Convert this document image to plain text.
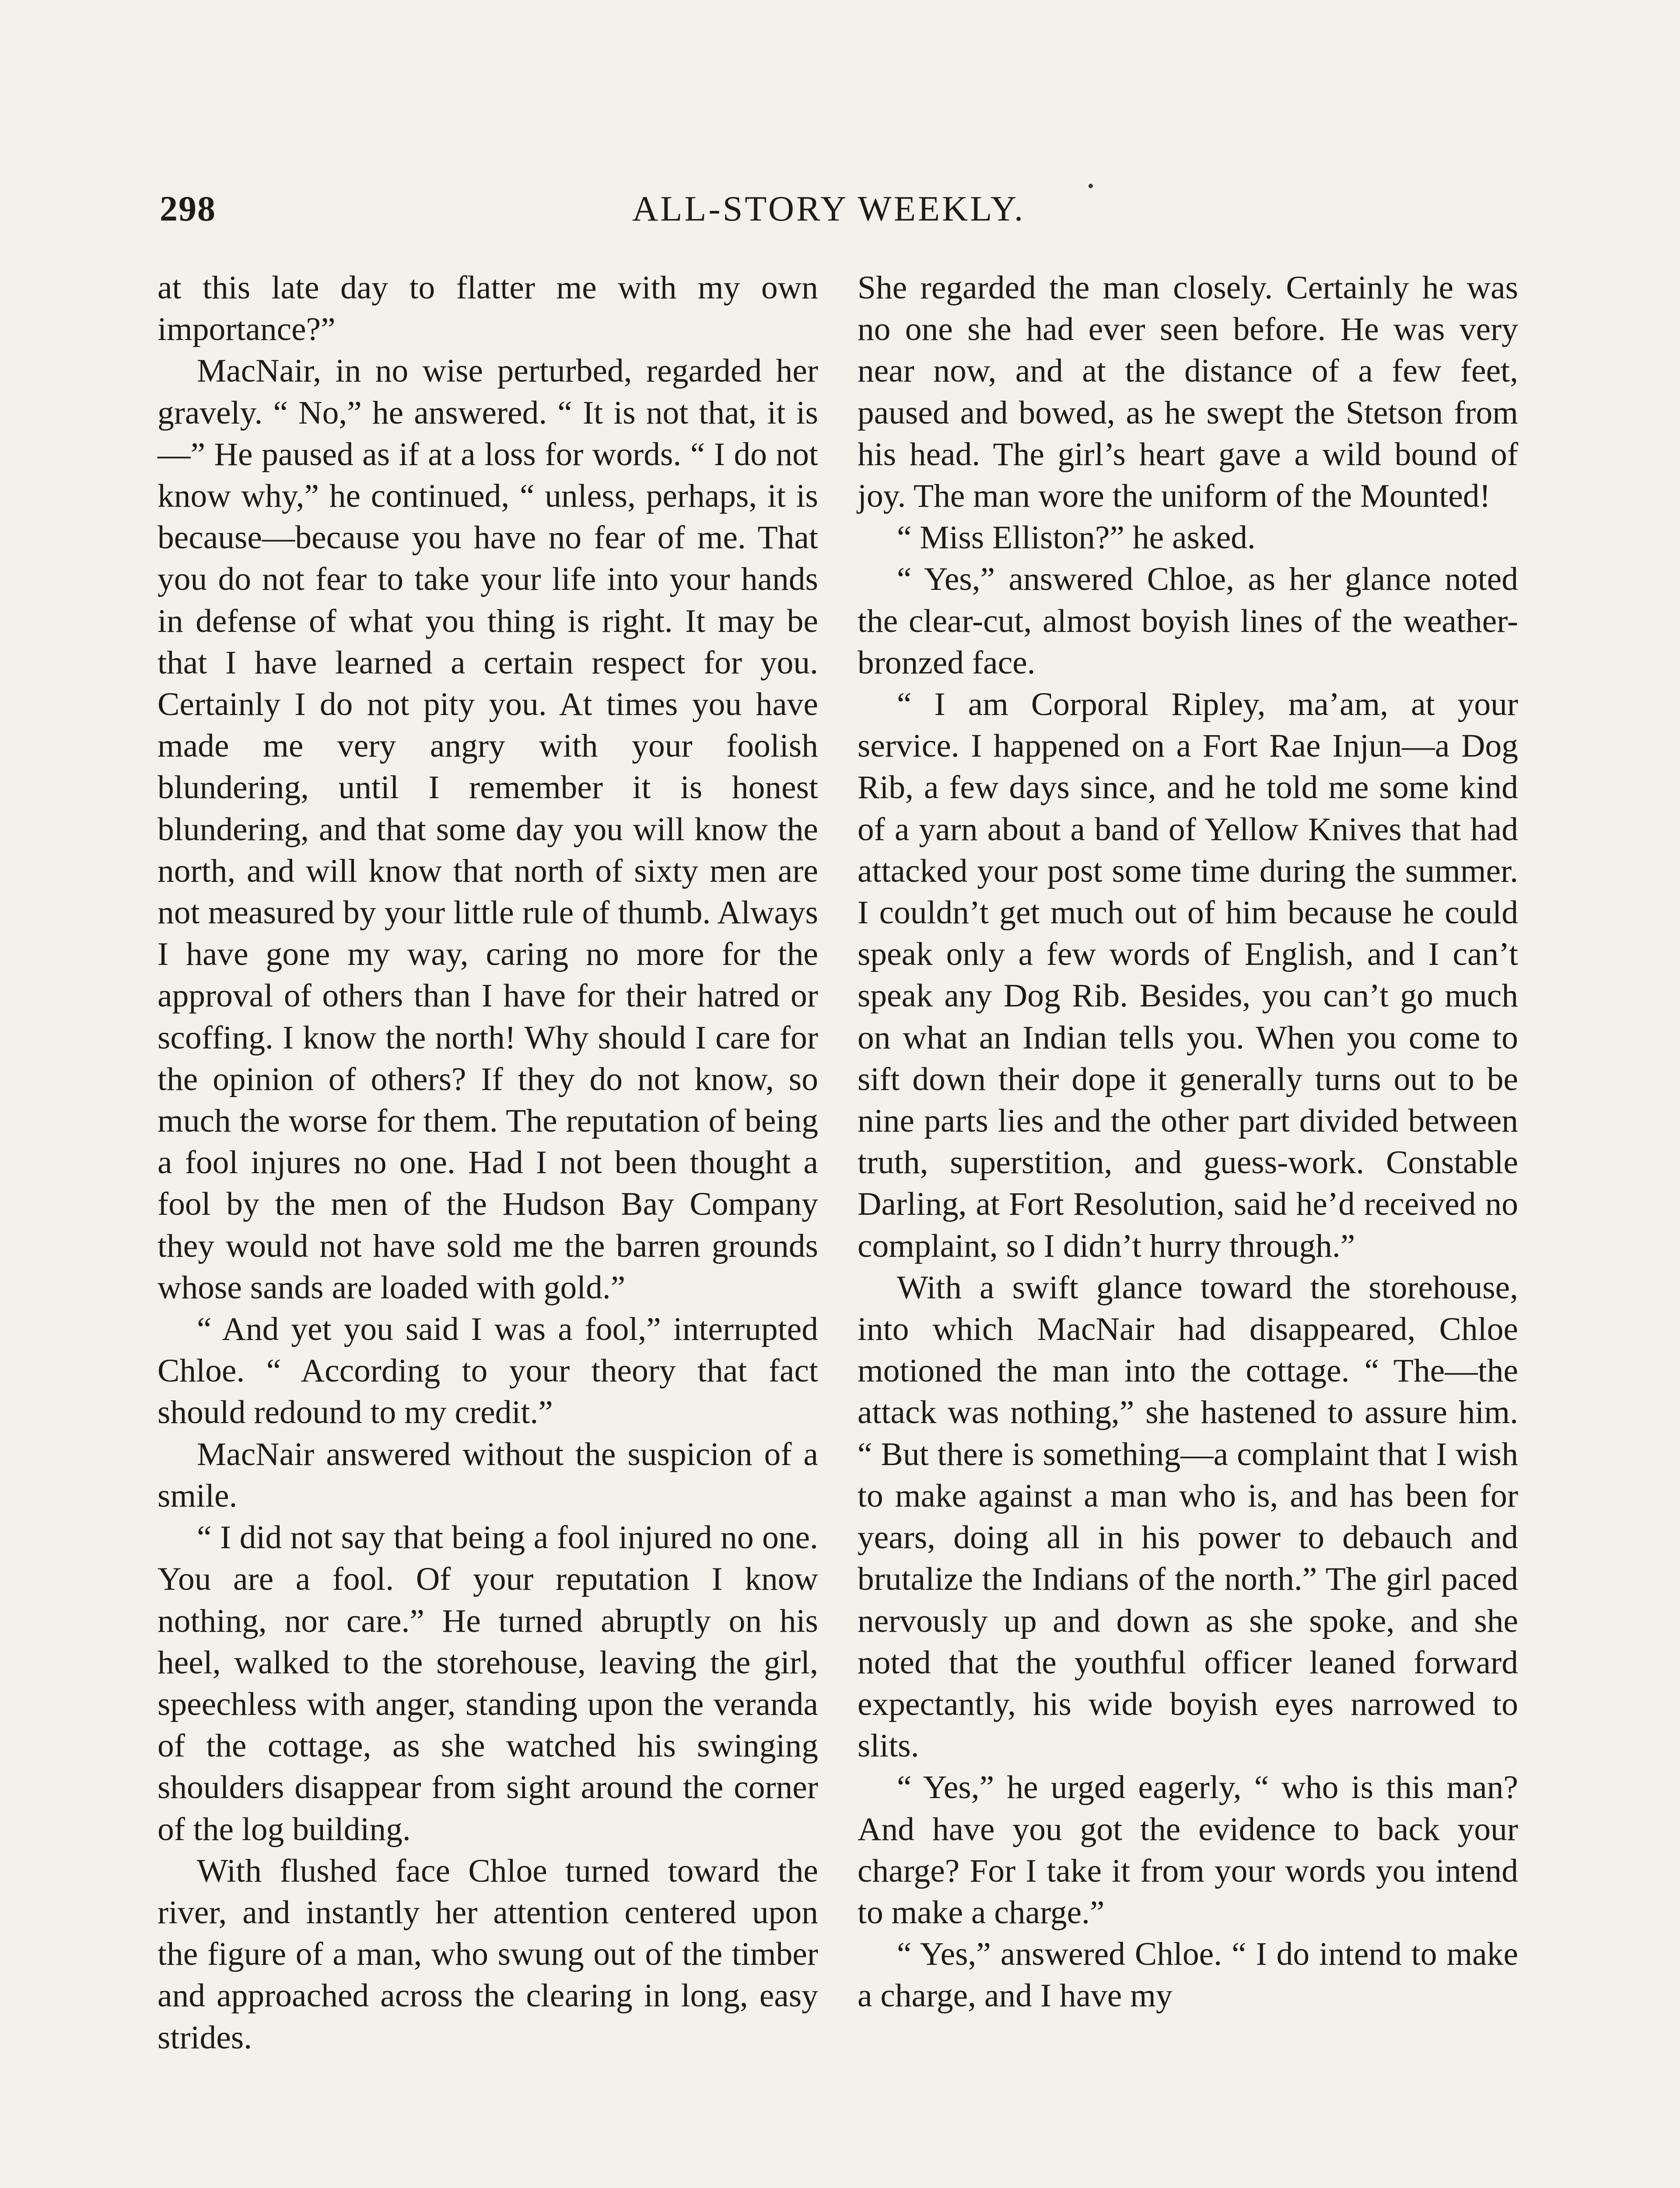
298	ALL-STORY WEEKLY.

at this late day to flatter me with my own importance?”

MacNair, in no wise perturbed, regarded her gravely. “ No,” he answered. “ It is not that, it is—” He paused as if at a loss for words. “ I do not know why,” he continued, “ unless, perhaps, it is because—because you have no fear of me. That you do not fear to take your life into your hands in defense of what you thing is right. It may be that I have learned a certain respect for you. Certainly I do not pity you. At times you have made me very angry with your foolish blundering, until I remember it is honest blundering, and that some day you will know the north, and will know that north of sixty men are not measured by your little rule of thumb. Always I have gone my way, caring no more for the approval of others than I have for their hatred or scoffing. I know the north! Why should I care for the opinion of others? If they do not know, so much the worse for them. The reputation of being a fool injures no one. Had I not been thought a fool by the men of the Hudson Bay Company they would not have sold me the barren grounds whose sands are loaded with gold.”

“ And yet you said I was a fool,” interrupted Chloe. “ According to your theory that fact should redound to my credit.”

MacNair answered without the suspicion of a smile.

“ I did not say that being a fool injured no one. You are a fool. Of your reputation I know nothing, nor care.” He turned abruptly on his heel, walked to the storehouse, leaving the girl, speechless with anger, standing upon the veranda of the cottage, as she watched his swinging shoulders disappear from sight around the corner of the log building.

With flushed face Chloe turned toward the river, and instantly her attention centered upon the figure of a man, who swung out of the timber and approached across the clearing in long, easy strides.

She regarded the man closely. Certainly he was no one she had ever seen before. He was very near now, and at the distance of a few feet, paused and bowed, as he swept the Stetson from his head. The girl’s heart gave a wild bound of joy. The man wore the uniform of the Mounted!

“ Miss Elliston?” he asked.

“ Yes,” answered Chloe, as her glance noted the clear-cut, almost boyish lines of the weather-bronzed face.

“ I am Corporal Ripley, ma’am, at your service. I happened on a Fort Rae Injun—a Dog Rib, a few days since, and he told me some kind of a yarn about a band of Yellow Knives that had attacked your post some time during the summer. I couldn’t get much out of him because he could speak only a few words of English, and I can’t speak any Dog Rib. Besides, you can’t go much on what an Indian tells you. When you come to sift down their dope it generally turns out to be nine parts lies and the other part divided between truth, superstition, and guess-work. Constable Darling, at Fort Resolution, said he’d received no complaint, so I didn’t hurry through.”

With a swift glance toward the storehouse, into which MacNair had disappeared, Chloe motioned the man into the cottage. “ The—the attack was nothing,” she hastened to assure him. “ But there is something—a complaint that I wish to make against a man who is, and has been for years, doing all in his power to debauch and brutalize the Indians of the north.” The girl paced nervously up and down as she spoke, and she noted that the youthful officer leaned forward expectantly, his wide boyish eyes narrowed to slits.

“ Yes,” he urged eagerly, “ who is this man? And have you got the evidence to back your charge? For I take it from your words you intend to make a charge.”

“ Yes,” answered Chloe. “ I do intend to make a charge, and I have my
